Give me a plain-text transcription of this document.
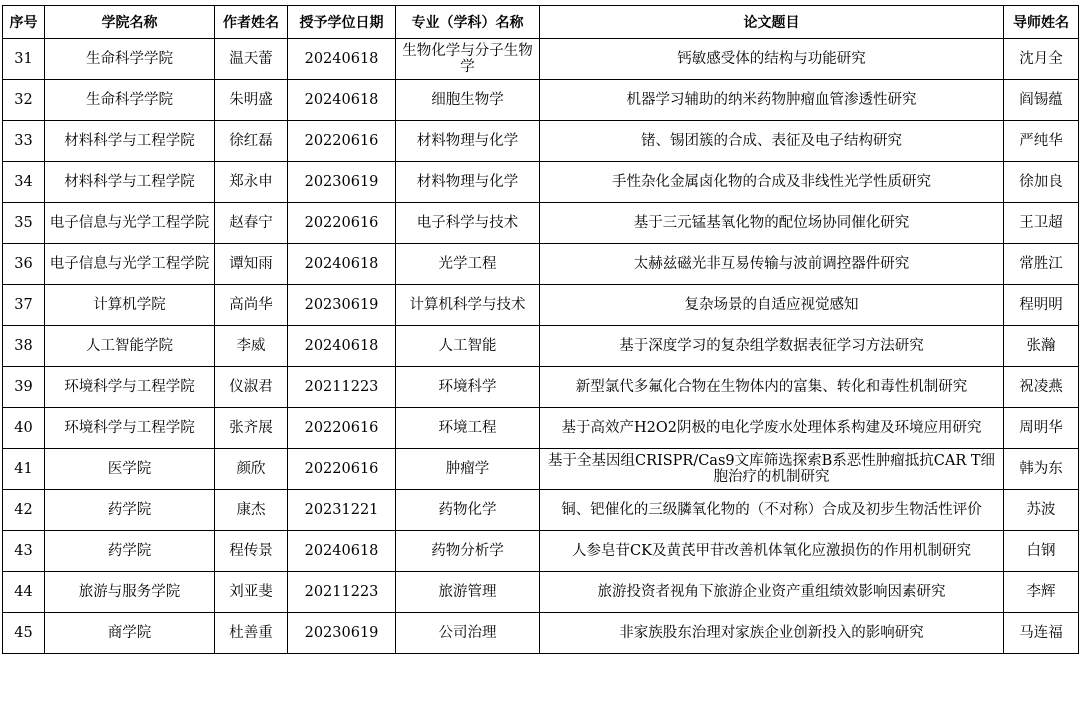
序号	学院名称	作者姓名	授予学位日期	专业（学科）名称	论文题目	导师姓名
31	生命科学学院	温天蕾	20240618	生物化学与分子生物学	钙敏感受体的结构与功能研究	沈月全
32	生命科学学院	朱明盛	20240618	细胞生物学	机器学习辅助的纳米药物肿瘤血管渗透性研究	阎锡蕴
33	材料科学与工程学院	徐红磊	20220616	材料物理与化学	锗、锡团簇的合成、表征及电子结构研究	严纯华
34	材料科学与工程学院	郑永申	20230619	材料物理与化学	手性杂化金属卤化物的合成及非线性光学性质研究	徐加良
35	电子信息与光学工程学院	赵春宁	20220616	电子科学与技术	基于三元锰基氧化物的配位场协同催化研究	王卫超
36	电子信息与光学工程学院	谭知雨	20240618	光学工程	太赫兹磁光非互易传输与波前调控器件研究	常胜江
37	计算机学院	高尚华	20230619	计算机科学与技术	复杂场景的自适应视觉感知	程明明
38	人工智能学院	李威	20240618	人工智能	基于深度学习的复杂组学数据表征学习方法研究	张瀚
39	环境科学与工程学院	仪淑君	20211223	环境科学	新型氯代多氟化合物在生物体内的富集、转化和毒性机制研究	祝凌燕
40	环境科学与工程学院	张齐展	20220616	环境工程	基于高效产H2O2阴极的电化学废水处理体系构建及环境应用研究	周明华
41	医学院	颜欣	20220616	肿瘤学	基于全基因组CRISPR/Cas9文库筛选探索B系恶性肿瘤抵抗CAR T细胞治疗的机制研究	韩为东
42	药学院	康杰	20231221	药物化学	铜、钯催化的三级膦氧化物的（不对称）合成及初步生物活性评价	苏波
43	药学院	程传景	20240618	药物分析学	人参皂苷CK及黄芪甲苷改善机体氧化应激损伤的作用机制研究	白钢
44	旅游与服务学院	刘亚斐	20211223	旅游管理	旅游投资者视角下旅游企业资产重组绩效影响因素研究	李辉
45	商学院	杜善重	20230619	公司治理	非家族股东治理对家族企业创新投入的影响研究	马连福
